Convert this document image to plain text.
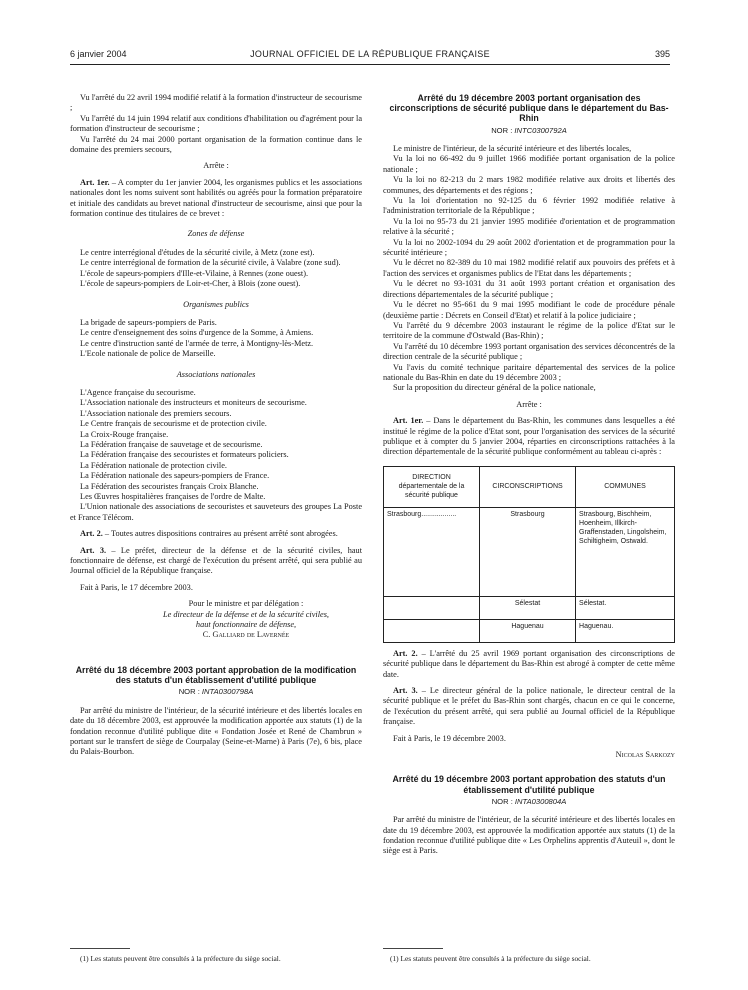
6 janvier 2004	JOURNAL OFFICIEL DE LA RÉPUBLIQUE FRANÇAISE	395

Vu l'arrêté du 22 avril 1994 modifié relatif à la formation d'instructeur de secourisme ;

Vu l'arrêté du 14 juin 1994 relatif aux conditions d'habilitation ou d'agrément pour la formation d'instructeur de secourisme ;

Vu l'arrêté du 24 mai 2000 portant organisation de la formation continue dans le domaine des premiers secours,

Arrête :

Art. 1er. – A compter du 1er janvier 2004, les organismes publics et les associations nationales dont les noms suivent sont habilités ou agréés pour la formation préparatoire et initiale des candidats au brevet national d'instructeur de secourisme, ainsi que pour la formation continue des titulaires de ce brevet :

Zones de défense

Le centre interrégional d'études de la sécurité civile, à Metz (zone est).

Le centre interrégional de formation de la sécurité civile, à Valabre (zone sud).

L'école de sapeurs-pompiers d'Ille-et-Vilaine, à Rennes (zone ouest).

L'école de sapeurs-pompiers de Loir-et-Cher, à Blois (zone ouest).

Organismes publics

La brigade de sapeurs-pompiers de Paris.

Le centre d'enseignement des soins d'urgence de la Somme, à Amiens.

Le centre d'instruction santé de l'armée de terre, à Montigny-lès-Metz.

L'Ecole nationale de police de Marseille.

Associations nationales

L'Agence française du secourisme.

L'Association nationale des instructeurs et moniteurs de secourisme.

L'Association nationale des premiers secours.

Le Centre français de secourisme et de protection civile.

La Croix-Rouge française.

La Fédération française de sauvetage et de secourisme.

La Fédération française des secouristes et formateurs policiers.

La Fédération nationale de protection civile.

La Fédération nationale des sapeurs-pompiers de France.

La Fédération des secouristes français Croix Blanche.

Les Œuvres hospitalières françaises de l'ordre de Malte.

L'Union nationale des associations de secouristes et sauveteurs des groupes La Poste et France Télécom.

Art. 2. – Toutes autres dispositions contraires au présent arrêté sont abrogées.

Art. 3. – Le préfet, directeur de la défense et de la sécurité civiles, haut fonctionnaire de défense, est chargé de l'exécution du présent arrêté, qui sera publié au Journal officiel de la République française.

Fait à Paris, le 17 décembre 2003.

Pour le ministre et par délégation :

Le directeur de la défense et de la sécurité civiles,

haut fonctionnaire de défense,

C. Galliard de Lavernée

Arrêté du 18 décembre 2003 portant approbation de la modification des statuts d'un établissement d'utilité publique

NOR : INTA0300798A

Par arrêté du ministre de l'intérieur, de la sécurité intérieure et des libertés locales en date du 18 décembre 2003, est approuvée la modification apportée aux statuts (1) de la fondation reconnue d'utilité publique dite « Fondation Josée et René de Chambrun » portant sur le transfert de siège de Courpalay (Seine-et-Marne) à Paris (7e), 6 bis, place du Palais-Bourbon.

Arrêté du 19 décembre 2003 portant organisation des circonscriptions de sécurité publique dans le département du Bas-Rhin

NOR : INTC0300792A

Le ministre de l'intérieur, de la sécurité intérieure et des libertés locales,

Vu la loi no 66-492 du 9 juillet 1966 modifiée portant organisation de la police nationale ;

Vu la loi no 82-213 du 2 mars 1982 modifiée relative aux droits et libertés des communes, des départements et des régions ;

Vu la loi d'orientation no 92-125 du 6 février 1992 modifiée relative à l'administration territoriale de la République ;

Vu la loi no 95-73 du 21 janvier 1995 modifiée d'orientation et de programmation relative à la sécurité ;

Vu la loi no 2002-1094 du 29 août 2002 d'orientation et de programmation pour la sécurité intérieure ;

Vu le décret no 82-389 du 10 mai 1982 modifié relatif aux pouvoirs des préfets et à l'action des services et organismes publics de l'Etat dans les départements ;

Vu le décret no 93-1031 du 31 août 1993 portant création et organisation des directions départementales de la sécurité publique ;

Vu le décret no 95-661 du 9 mai 1995 modifiant le code de procédure pénale (deuxième partie : Décrets en Conseil d'Etat) et relatif à la police judiciaire ;

Vu l'arrêté du 9 décembre 2003 instaurant le régime de la police d'Etat sur le territoire de la commune d'Ostwald (Bas-Rhin) ;

Vu l'arrêté du 10 décembre 1993 portant organisation des services déconcentrés de la direction centrale de la sécurité publique ;

Vu l'avis du comité technique paritaire départemental des services de la police nationale du Bas-Rhin en date du 19 décembre 2003 ;

Sur la proposition du directeur général de la police nationale,

Arrête :

Art. 1er. – Dans le département du Bas-Rhin, les communes dans lesquelles a été institué le régime de la police d'Etat sont, pour l'organisation des services de la sécurité publique et à compter du 5 janvier 2004, réparties en circonscriptions rattachées à la direction départementale de la sécurité publique conformément au tableau ci-après :

DIRECTION départementale de la sécurité publique	CIRCONSCRIPTIONS	COMMUNES
Strasbourg..................	Strasbourg	Strasbourg, Bischheim, Hoenheim, Illkirch-Graffenstaden, Lingolsheim, Schiltigheim, Ostwald.
	Sélestat	Sélestat.
	Haguenau	Haguenau.

Art. 2. – L'arrêté du 25 avril 1969 portant organisation des circonscriptions de sécurité publique dans le département du Bas-Rhin est abrogé à compter de cette même date.

Art. 3. – Le directeur général de la police nationale, le directeur central de la sécurité publique et le préfet du Bas-Rhin sont chargés, chacun en ce qui le concerne, de l'exécution du présent arrêté, qui sera publié au Journal officiel de la République française.

Fait à Paris, le 19 décembre 2003.

Nicolas Sarkozy

Arrêté du 19 décembre 2003 portant approbation des statuts d'un établissement d'utilité publique

NOR : INTA0300804A

Par arrêté du ministre de l'intérieur, de la sécurité intérieure et des libertés locales en date du 19 décembre 2003, est approuvée la modification apportée aux statuts (1) de la fondation reconnue d'utilité publique dite « Les Orphelins apprentis d'Auteuil », dont le siège est à Paris.

(1) Les statuts peuvent être consultés à la préfecture du siège social.	(1) Les statuts peuvent être consultés à la préfecture du siège social.
